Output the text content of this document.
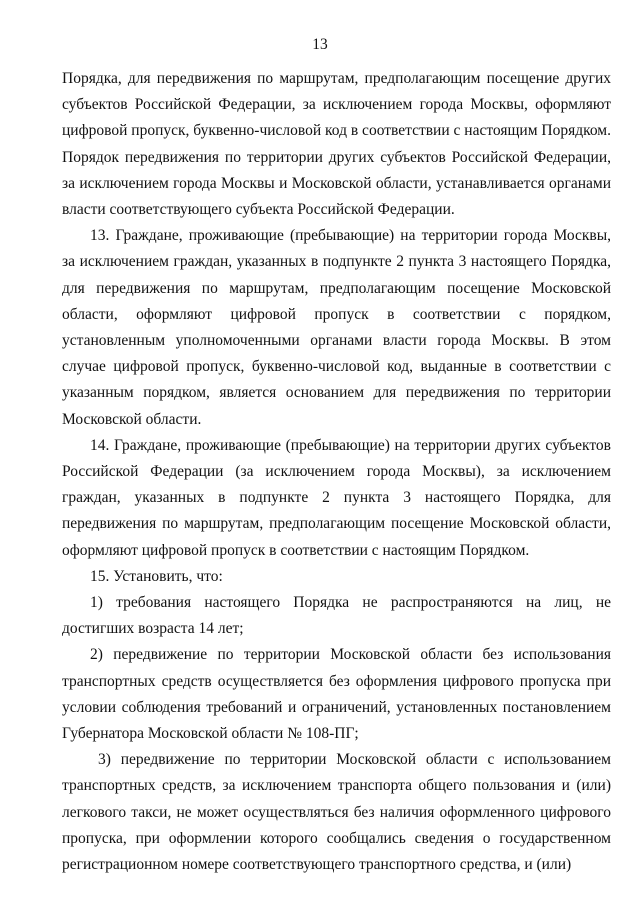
13

Порядка, для передвижения по маршрутам, предполагающим посещение других субъектов Российской Федерации, за исключением города Москвы, оформляют цифровой пропуск, буквенно-числовой код в соответствии с настоящим Порядком. Порядок передвижения по территории других субъектов Российской Федерации, за исключением города Москвы и Московской области, устанавливается органами власти соответствующего субъекта Российской Федерации.

13. Граждане, проживающие (пребывающие) на территории города Москвы, за исключением граждан, указанных в подпункте 2 пункта 3 настоящего Порядка, для передвижения по маршрутам, предполагающим посещение Московской области, оформляют цифровой пропуск в соответствии с порядком, установленным уполномоченными органами власти города Москвы. В этом случае цифровой пропуск, буквенно-числовой код, выданные в соответствии с указанным порядком, является основанием для передвижения по территории Московской области.

14. Граждане, проживающие (пребывающие) на территории других субъектов Российской Федерации (за исключением города Москвы), за исключением граждан, указанных в подпункте 2 пункта 3 настоящего Порядка, для передвижения по маршрутам, предполагающим посещение Московской области, оформляют цифровой пропуск в соответствии с настоящим Порядком.

15. Установить, что:

1) требования настоящего Порядка не распространяются на лиц, не достигших возраста 14 лет;

2) передвижение по территории Московской области без использования транспортных средств осуществляется без оформления цифрового пропуска при условии соблюдения требований и ограничений, установленных постановлением Губернатора Московской области № 108-ПГ;

3) передвижение по территории Московской области с использованием транспортных средств, за исключением транспорта общего пользования и (или) легкового такси, не может осуществляться без наличия оформленного цифрового пропуска, при оформлении которого сообщались сведения о государственном регистрационном номере соответствующего транспортного средства, и (или)
